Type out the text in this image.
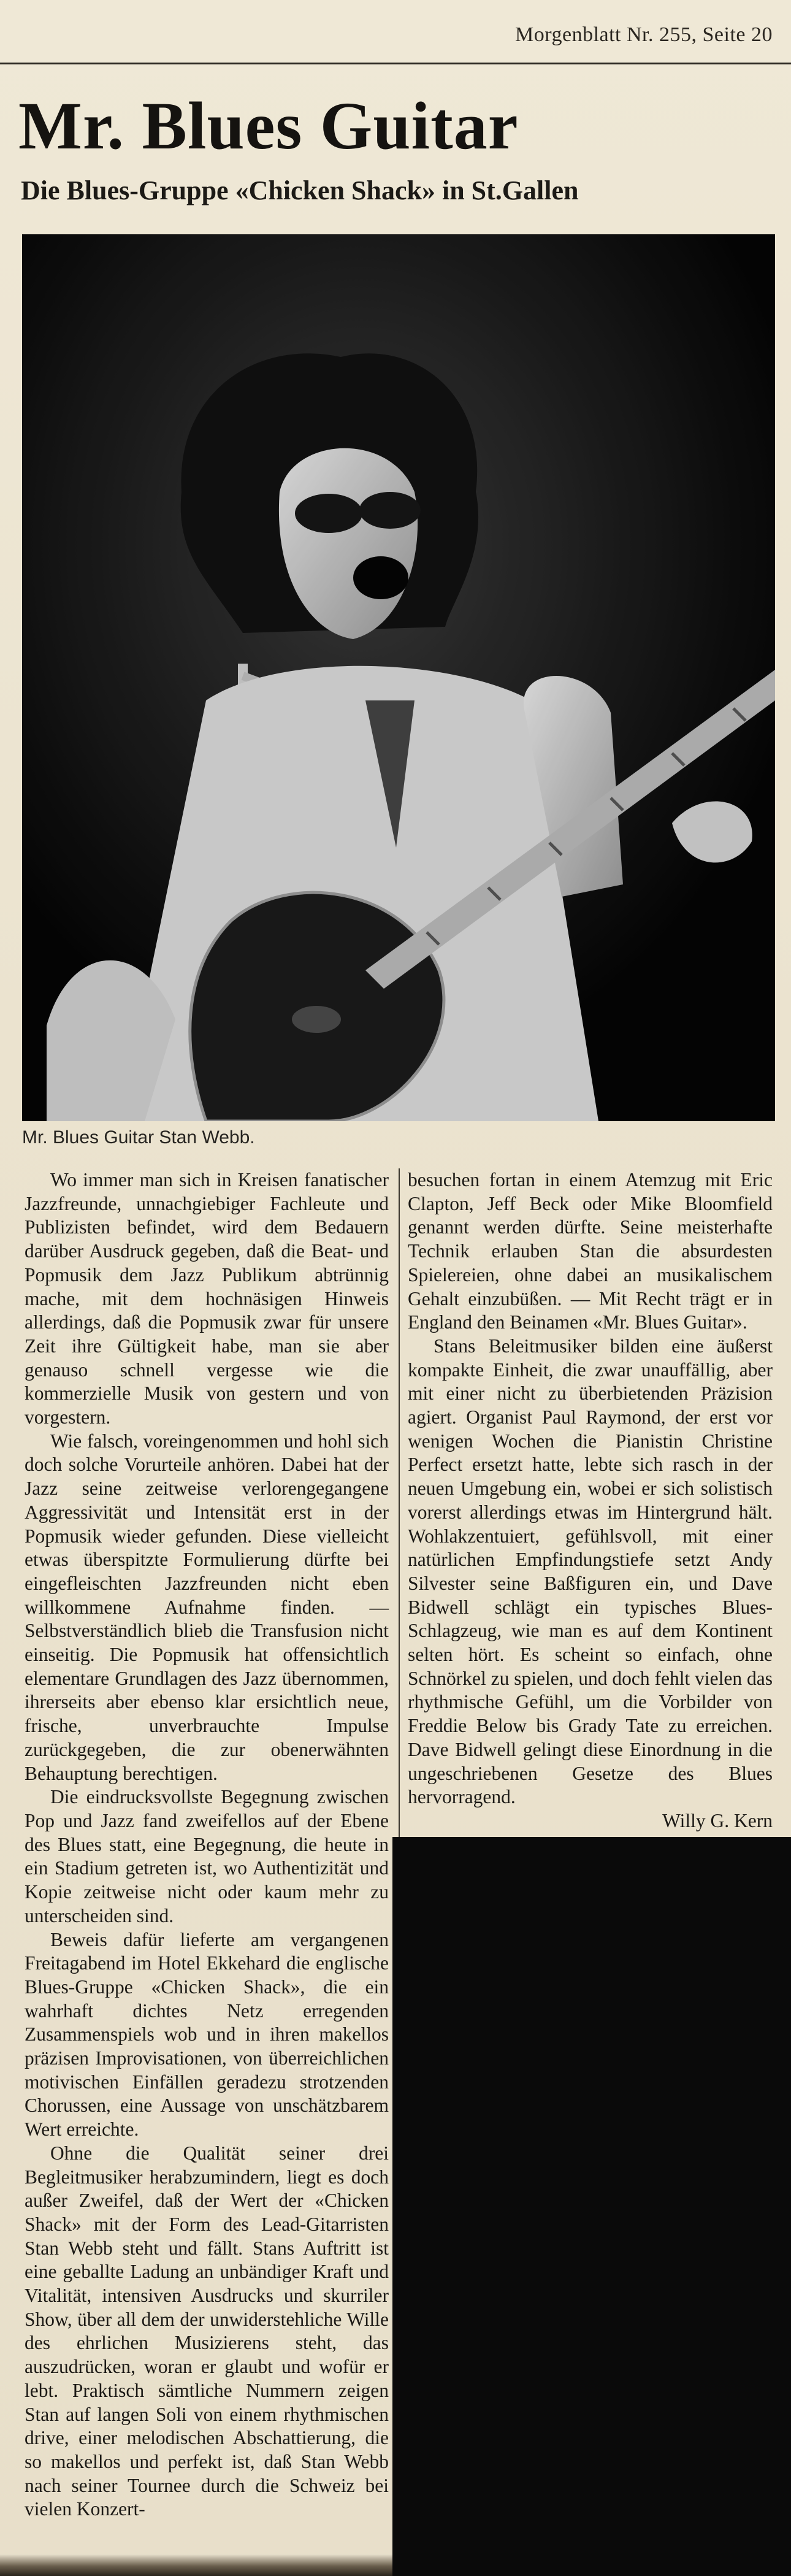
Morgenblatt Nr. 255, Seite 20
Mr. Blues Guitar
Die Blues-Gruppe «Chicken Shack» in St.Gallen
Mr. Blues Guitar Stan Webb.

Wo immer man sich in Kreisen fanatischer Jazzfreunde, unnachgiebiger Fachleute und Publizisten befindet, wird dem Bedauern darüber Ausdruck gegeben, daß die Beat- und Popmusik dem Jazz Publikum abtrünnig mache, mit dem hochnäsigen Hinweis allerdings, daß die Popmusik zwar für unsere Zeit ihre Gültigkeit habe, man sie aber genauso schnell vergesse wie die kommerzielle Musik von gestern und von vorgestern.

Wie falsch, voreingenommen und hohl sich doch solche Vorurteile anhören. Dabei hat der Jazz seine zeitweise verlorengegangene Aggressivität und Intensität erst in der Popmusik wieder gefunden. Diese vielleicht etwas überspitzte Formulierung dürfte bei eingefleischten Jazzfreunden nicht eben willkommene Aufnahme finden. — Selbstverständlich blieb die Transfusion nicht einseitig. Die Popmusik hat offensichtlich elementare Grundlagen des Jazz übernommen, ihrerseits aber ebenso klar ersichtlich neue, frische, unverbrauchte Impulse zurückgegeben, die zur obenerwähnten Behauptung berechtigen.

Die eindrucksvollste Begegnung zwischen Pop und Jazz fand zweifellos auf der Ebene des Blues statt, eine Begegnung, die heute in ein Stadium getreten ist, wo Authentizität und Kopie zeitweise nicht oder kaum mehr zu unterscheiden sind.

Beweis dafür lieferte am vergangenen Freitagabend im Hotel Ekkehard die englische Blues-Gruppe «Chicken Shack», die ein wahrhaft dichtes Netz erregenden Zusammenspiels wob und in ihren makellos präzisen Improvisationen, von überreichlichen motivischen Einfällen geradezu strotzenden Chorussen, eine Aussage von unschätzbarem Wert erreichte.

Ohne die Qualität seiner drei Begleitmusiker herabzumindern, liegt es doch außer Zweifel, daß der Wert der «Chicken Shack» mit der Form des Lead-Gitarristen Stan Webb steht und fällt. Stans Auftritt ist eine geballte Ladung an unbändiger Kraft und Vitalität, intensiven Ausdrucks und skurriler Show, über all dem der unwiderstehliche Wille des ehrlichen Musizierens steht, das auszudrücken, woran er glaubt und wofür er lebt. Praktisch sämtliche Nummern zeigen Stan auf langen Soli von einem rhythmischen drive, einer melodischen Abschattierung, die so makellos und perfekt ist, daß Stan Webb nach seiner Tournee durch die Schweiz bei vielen Konzert-

besuchen fortan in einem Atemzug mit Eric Clapton, Jeff Beck oder Mike Bloomfield genannt werden dürfte. Seine meisterhafte Technik erlauben Stan die absurdesten Spielereien, ohne dabei an musikalischem Gehalt einzubüßen. — Mit Recht trägt er in England den Beinamen «Mr. Blues Guitar».

Stans Beleitmusiker bilden eine äußerst kompakte Einheit, die zwar unauffällig, aber mit einer nicht zu überbietenden Präzision agiert. Organist Paul Raymond, der erst vor wenigen Wochen die Pianistin Christine Perfect ersetzt hatte, lebte sich rasch in der neuen Umgebung ein, wobei er sich solistisch vorerst allerdings etwas im Hintergrund hält. Wohlakzentuiert, gefühlsvoll, mit einer natürlichen Empfindungstiefe setzt Andy Silvester seine Baßfiguren ein, und Dave Bidwell schlägt ein typisches Blues-Schlagzeug, wie man es auf dem Kontinent selten hört. Es scheint so einfach, ohne Schnörkel zu spielen, und doch fehlt vielen das rhythmische Gefühl, um die Vorbilder von Freddie Below bis Grady Tate zu erreichen. Dave Bidwell gelingt diese Einordnung in die ungeschriebenen Gesetze des Blues hervorragend.

Willy G. Kern
